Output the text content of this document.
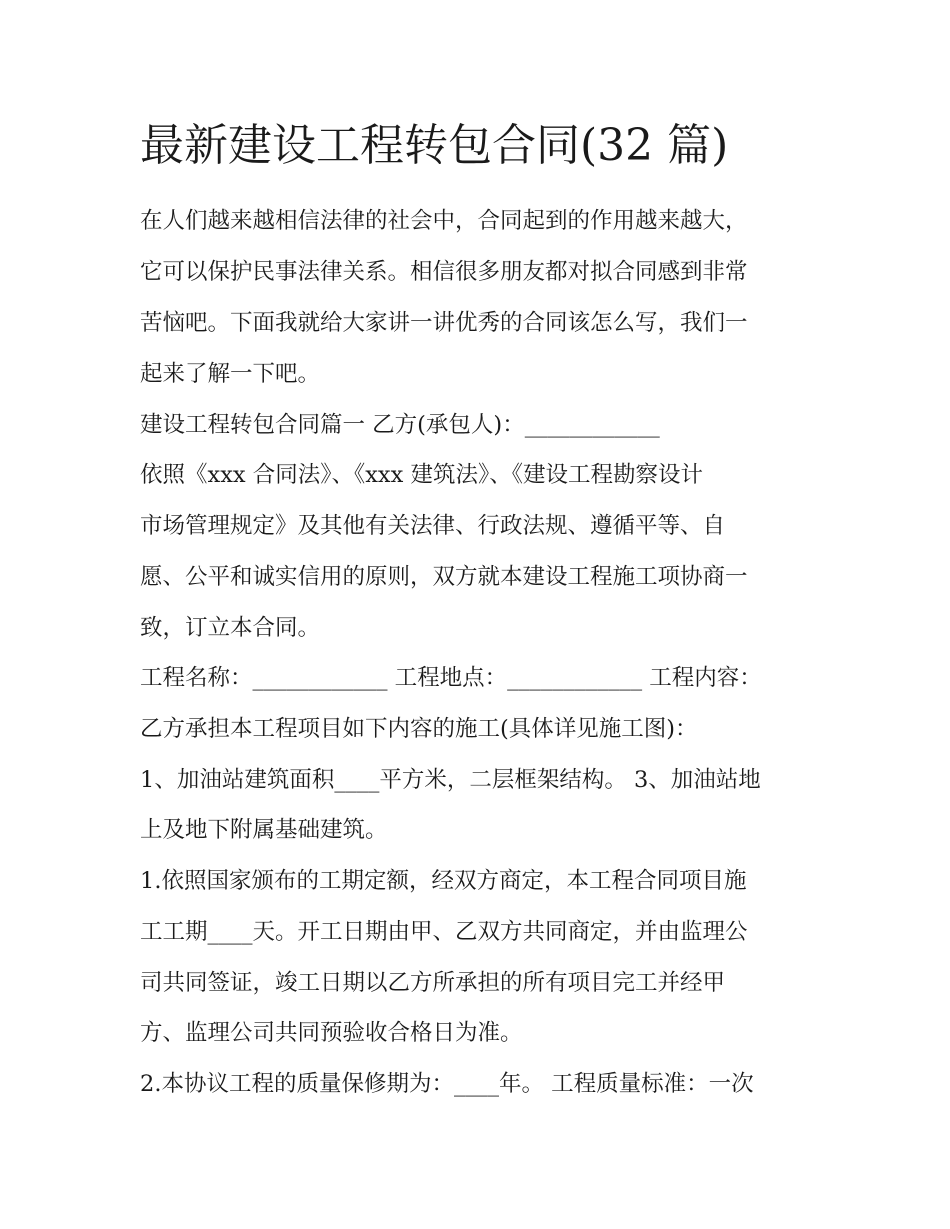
最新建设工程转包合同(32 篇)

在人们越来越相信法律的社会中，合同起到的作用越来越大，

它可以保护民事法律关系。相信很多朋友都对拟合同感到非常

苦恼吧。下面我就给大家讲一讲优秀的合同该怎么写，我们一

起来了解一下吧。

建设工程转包合同篇一 乙方(承包人)：____________

依照《xxx 合同法》、《xxx 建筑法》、《建设工程勘察设计

市场管理规定》及其他有关法律、行政法规、遵循平等、自

愿、公平和诚实信用的原则，双方就本建设工程施工项协商一

致，订立本合同。

工程名称：____________ 工程地点：____________ 工程内容：

乙方承担本工程项目如下内容的施工(具体详见施工图)：

1、加油站建筑面积____平方米，二层框架结构。 3、加油站地

上及地下附属基础建筑。

1.依照国家颁布的工期定额，经双方商定，本工程合同项目施

工工期____天。开工日期由甲、乙双方共同商定，并由监理公

司共同签证，竣工日期以乙方所承担的所有项目完工并经甲

方、监理公司共同预验收合格日为准。

2.本协议工程的质量保修期为：____年。 工程质量标准：一次
